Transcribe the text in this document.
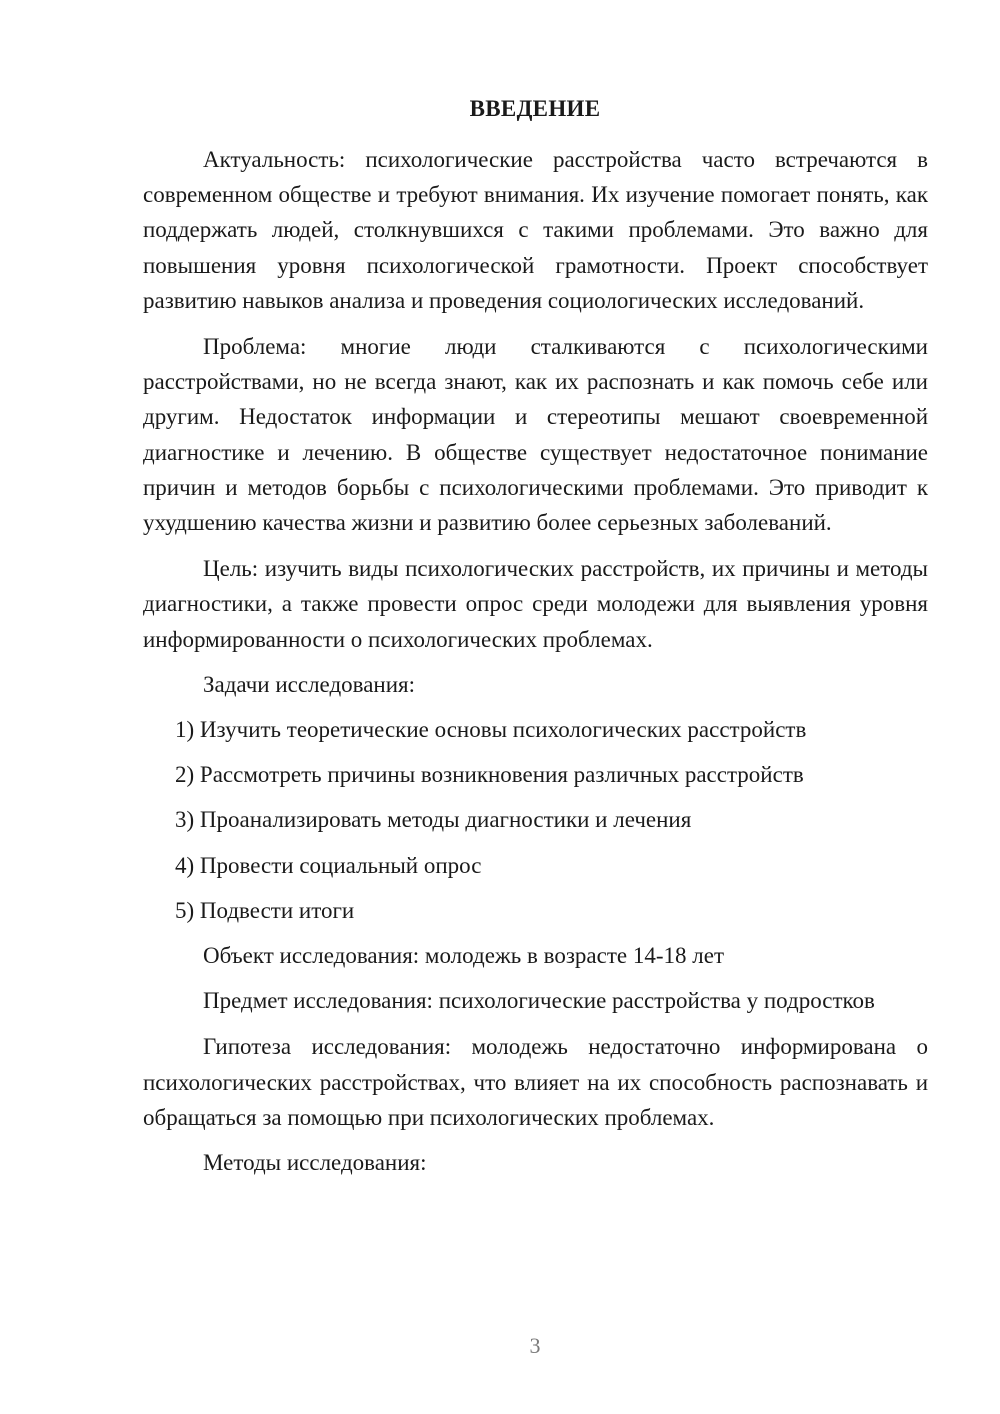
ВВЕДЕНИЕ

Актуальность: психологические расстройства часто встречаются в современном обществе и требуют внимания. Их изучение помогает понять, как поддержать людей, столкнувшихся с такими проблемами. Это важно для повышения уровня психологической грамотности. Проект способствует развитию навыков анализа и проведения социологических исследований.

Проблема: многие люди сталкиваются с психологическими расстройствами, но не всегда знают, как их распознать и как помочь себе или другим. Недостаток информации и стереотипы мешают своевременной диагностике и лечению. В обществе существует недостаточное понимание причин и методов борьбы с психологическими проблемами. Это приводит к ухудшению качества жизни и развитию более серьезных заболеваний.

Цель: изучить виды психологических расстройств, их причины и методы диагностики, а также провести опрос среди молодежи для выявления уровня информированности о психологических проблемах.

Задачи исследования:

1) Изучить теоретические основы психологических расстройств
2) Рассмотреть причины возникновения различных расстройств
3) Проанализировать методы диагностики и лечения
4) Провести социальный опрос
5) Подвести итоги

Объект исследования: молодежь в возрасте 14-18 лет

Предмет исследования: психологические расстройства у подростков

Гипотеза исследования: молодежь недостаточно информирована о психологических расстройствах, что влияет на их способность распознавать и обращаться за помощью при психологических проблемах.

Методы исследования:

3
